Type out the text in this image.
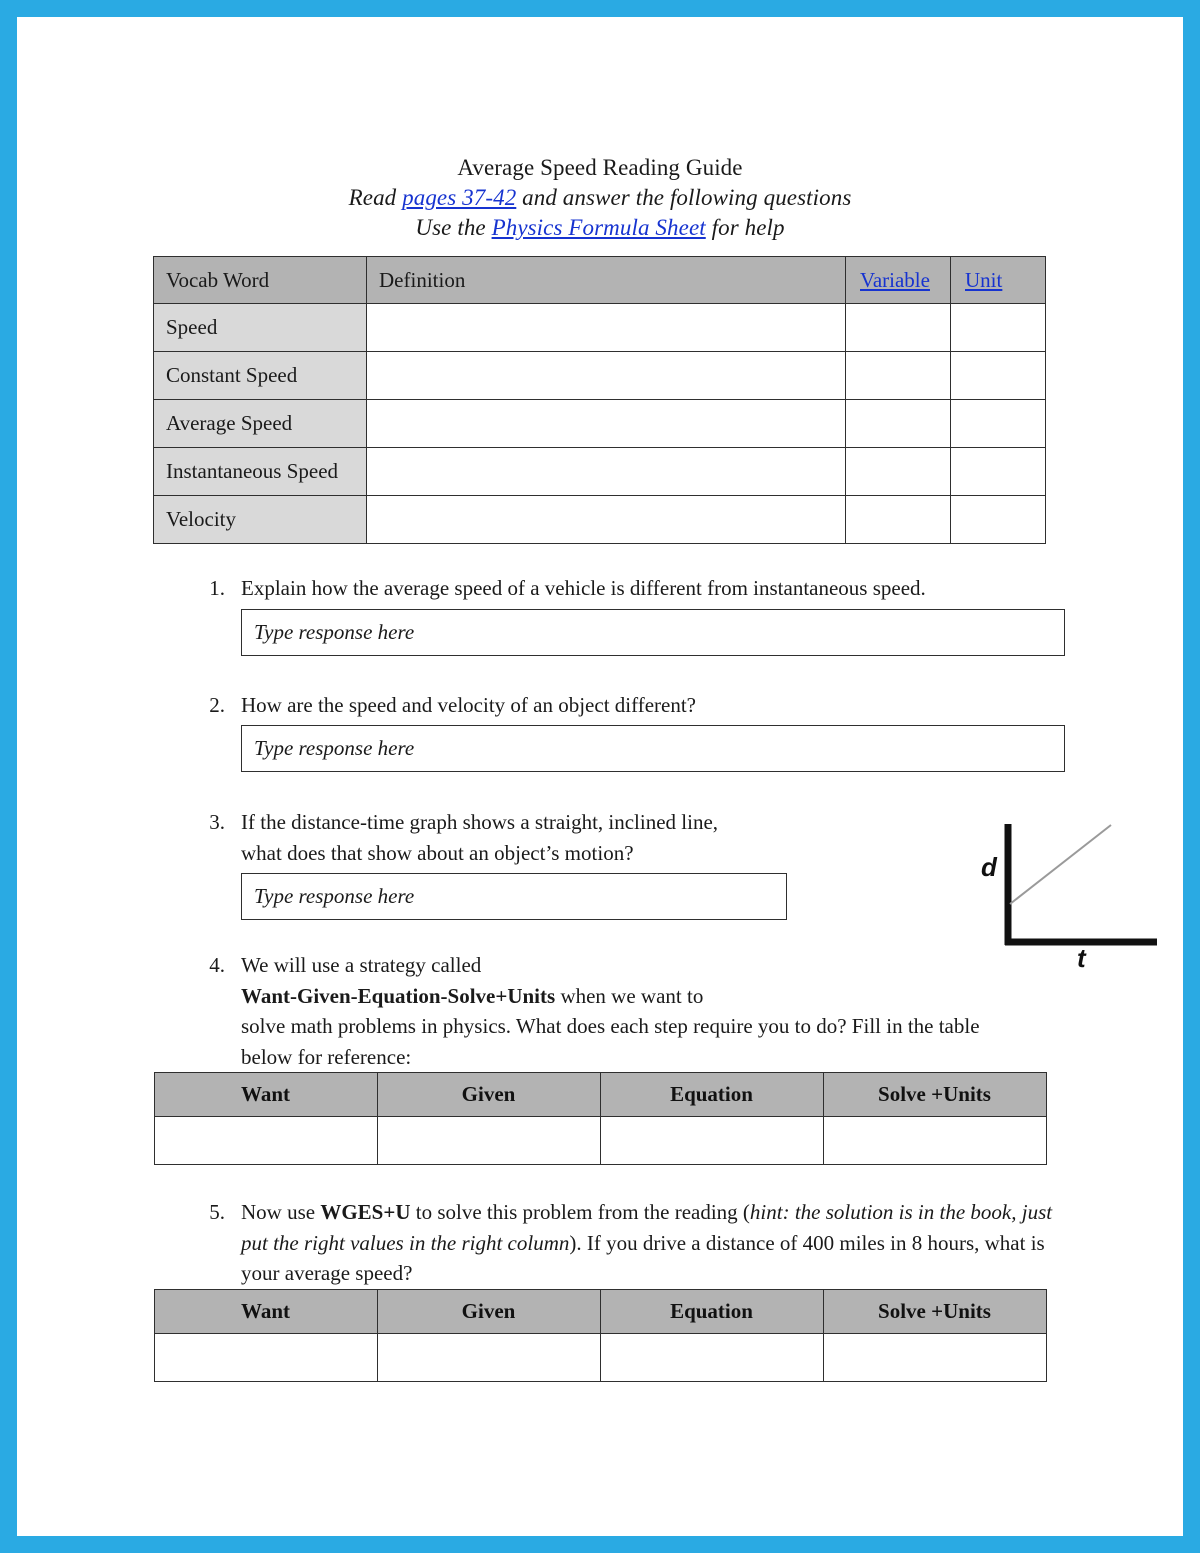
Average Speed Reading Guide
Read pages 37-42 and answer the following questions
Use the Physics Formula Sheet for help
Vocab Word	Definition	Variable	Unit
Speed			
Constant Speed			
Average Speed			
Instantaneous Speed			
Velocity			
1. Explain how the average speed of a vehicle is different from instantaneous speed.
Type response here
2. How are the speed and velocity of an object different?
Type response here
3. If the distance-time graph shows a straight, inclined line,
what does that show about an object’s motion?
Type response here
d
t
4. We will use a strategy called
Want-Given-Equation-Solve+Units when we want to
solve math problems in physics. What does each step require you to do? Fill in the table
below for reference:
Want	Given	Equation	Solve +Units

5. Now use WGES+U to solve this problem from the reading (hint: the solution is in the book, just put the right values in the right column). If you drive a distance of 400 miles in 8 hours, what is your average speed?
Want	Given	Equation	Solve +Units
